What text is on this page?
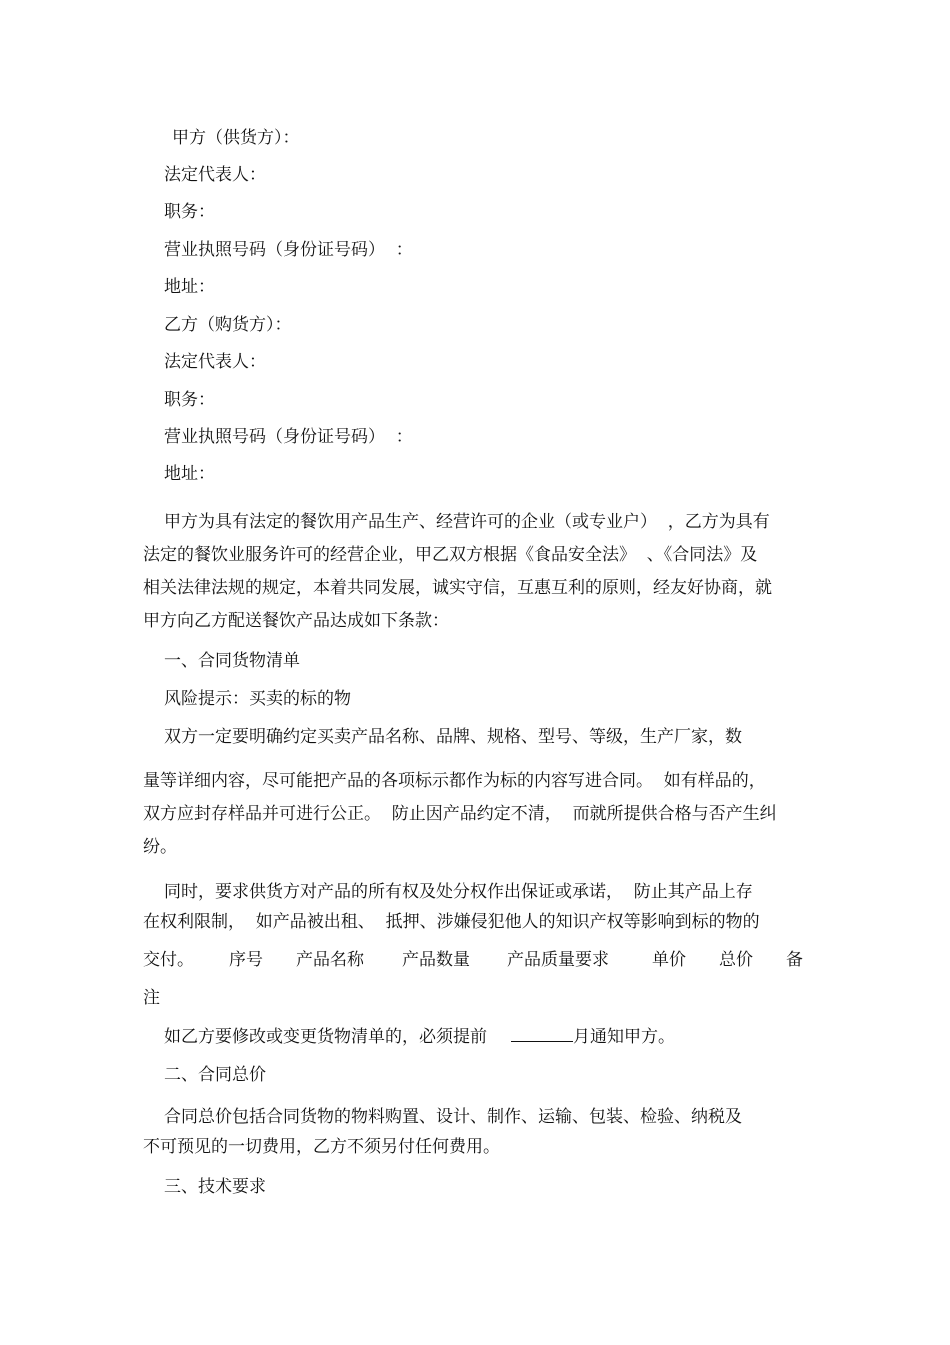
甲方（供货方）：
法定代表人：
职务：
营业执照号码（身份证号码）  ：
地址：
乙方（购货方）：
法定代表人：
职务：
营业执照号码（身份证号码）  ：
地址：
甲方为具有法定的餐饮用产品生产、经营许可的企业（或专业户）  ，乙方为具有
法定的餐饮业服务许可的经营企业，甲乙双方根据《食品安全法》  、《合同法》及
相关法律法规的规定，本着共同发展，诚实守信，互惠互利的原则，经友好协商，就
甲方向乙方配送餐饮产品达成如下条款：
一、合同货物清单
风险提示：买卖的标的物
双方一定要明确约定买卖产品名称、品牌、规格、型号、等级，生产厂家，数
量等详细内容，尽可能把产品的各项标示都作为标的内容写进合同。  如有样品的，
双方应封存样品并可进行公正。  防止因产品约定不清，  而就所提供合格与否产生纠
纷。
同时，要求供货方对产品的所有权及处分权作出保证或承诺，  防止其产品上存
在权利限制，  如产品被出租、  抵押、涉嫌侵犯他人的知识产权等影响到标的物的
交付。 序号 产品名称 产品数量 产品质量要求	单价 总价 备
注
如乙方要修改或变更货物清单的，必须提前	月通知甲方。
二、合同总价
合同总价包括合同货物的物料购置、设计、制作、运输、包装、检验、纳税及
不可预见的一切费用，乙方不须另付任何费用。
三、技术要求
